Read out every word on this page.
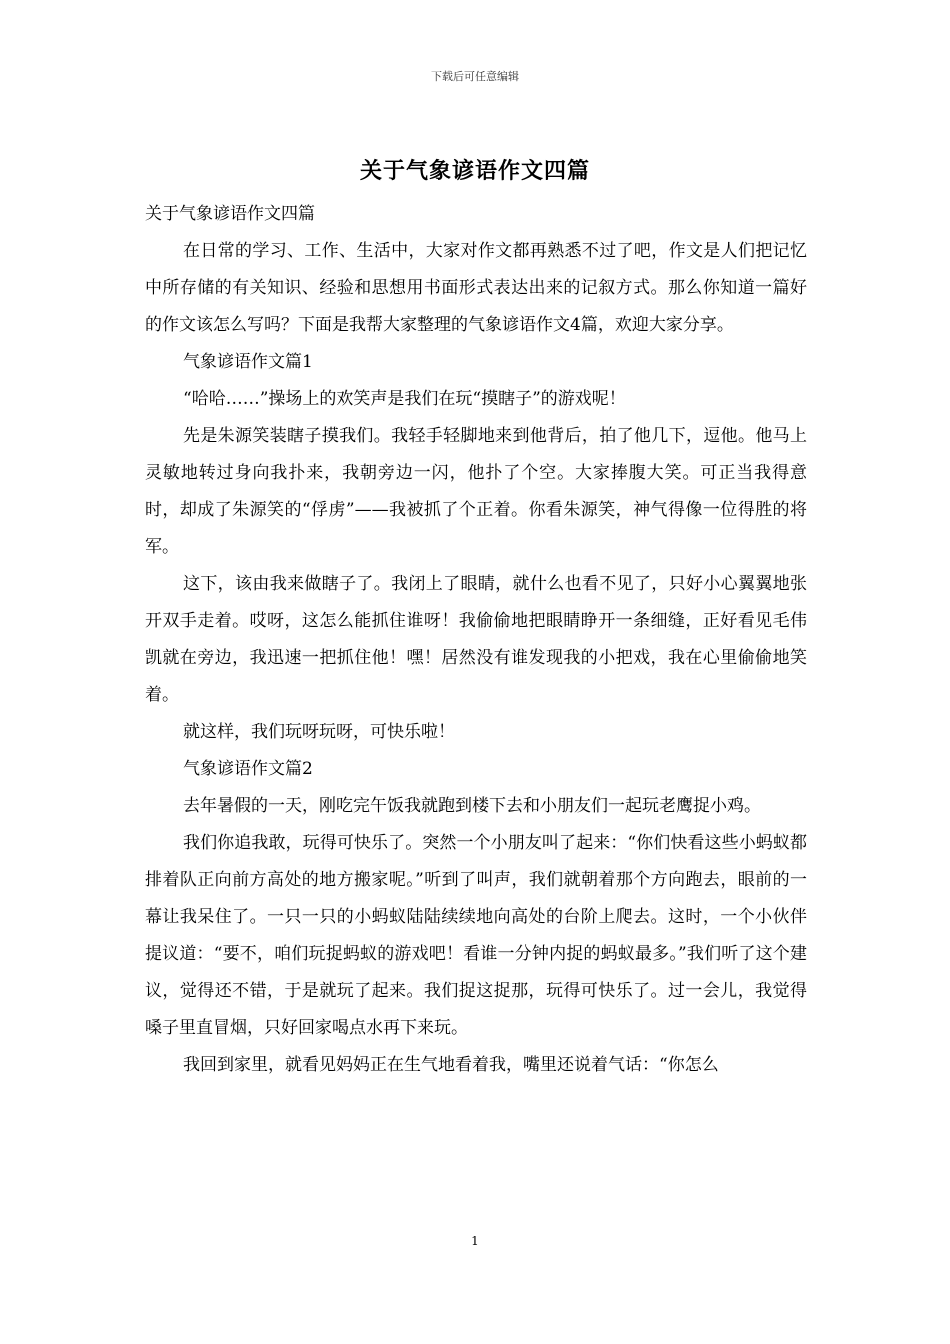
下载后可任意编辑
关于气象谚语作文四篇

关于气象谚语作文四篇

在日常的学习、工作、生活中，大家对作文都再熟悉不过了吧，作文是人们把记忆中所存储的有关知识、经验和思想用书面形式表达出来的记叙方式。那么你知道一篇好的作文该怎么写吗？下面是我帮大家整理的气象谚语作文4篇，欢迎大家分享。

气象谚语作文篇1

“哈哈……”操场上的欢笑声是我们在玩“摸瞎子”的游戏呢！

先是朱源笑装瞎子摸我们。我轻手轻脚地来到他背后，拍了他几下，逗他。他马上灵敏地转过身向我扑来，我朝旁边一闪，他扑了个空。大家捧腹大笑。可正当我得意时，却成了朱源笑的“俘虏”——我被抓了个正着。你看朱源笑，神气得像一位得胜的将军。

这下，该由我来做瞎子了。我闭上了眼睛，就什么也看不见了，只好小心翼翼地张开双手走着。哎呀，这怎么能抓住谁呀！我偷偷地把眼睛睁开一条细缝，正好看见毛伟凯就在旁边，我迅速一把抓住他！嘿！居然没有谁发现我的小把戏，我在心里偷偷地笑着。

就这样，我们玩呀玩呀，可快乐啦！

气象谚语作文篇2

去年暑假的一天，刚吃完午饭我就跑到楼下去和小朋友们一起玩老鹰捉小鸡。

我们你追我敢，玩得可快乐了。突然一个小朋友叫了起来：“你们快看这些小蚂蚁都排着队正向前方高处的地方搬家呢。”听到了叫声，我们就朝着那个方向跑去，眼前的一幕让我呆住了。一只一只的小蚂蚁陆陆续续地向高处的台阶上爬去。这时，一个小伙伴提议道：“要不，咱们玩捉蚂蚁的游戏吧！看谁一分钟内捉的蚂蚁最多。”我们听了这个建议，觉得还不错，于是就玩了起来。我们捉这捉那，玩得可快乐了。过一会儿，我觉得嗓子里直冒烟，只好回家喝点水再下来玩。

我回到家里，就看见妈妈正在生气地看着我，嘴里还说着气话：“你怎么

1
